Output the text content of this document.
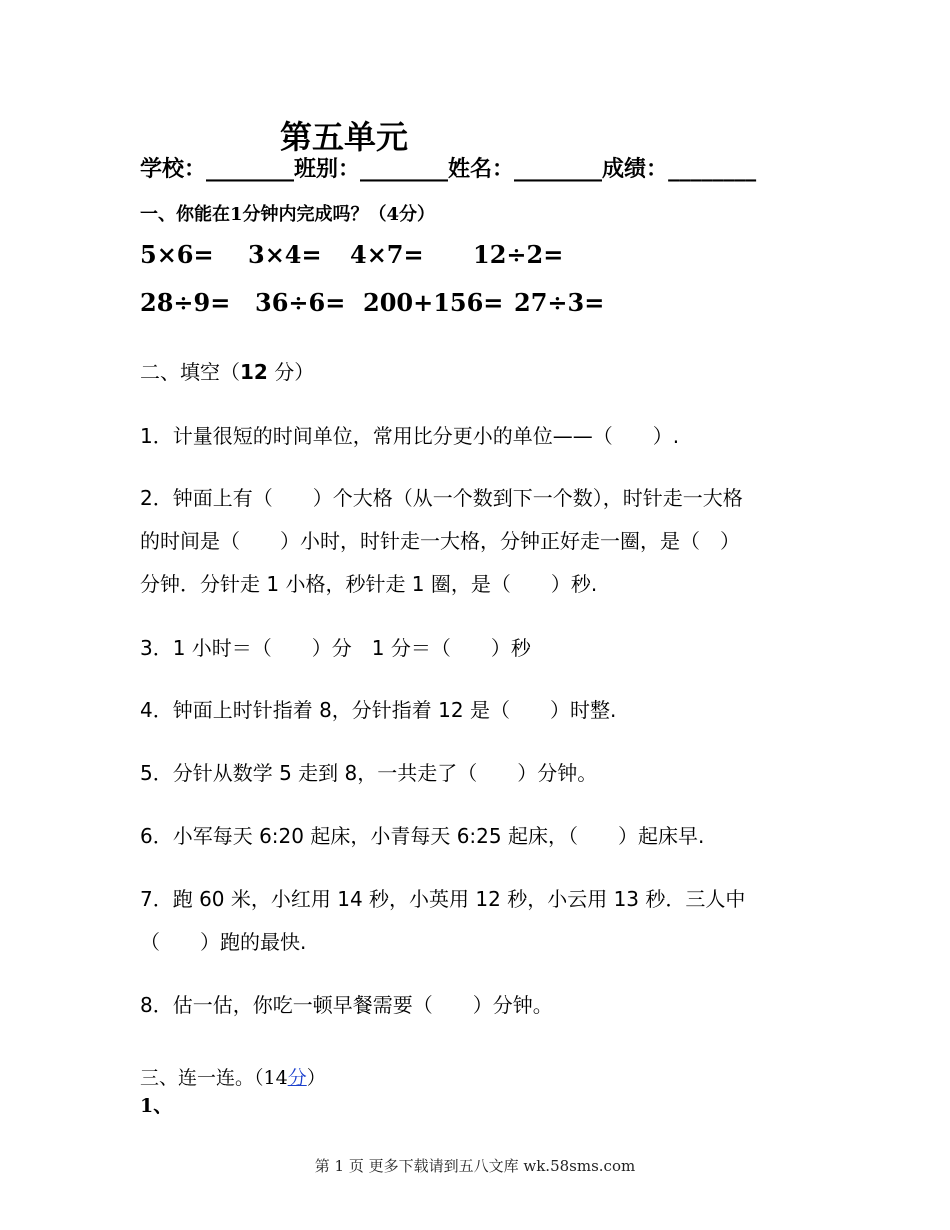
第五单元
学校：________班别：________姓名：________成绩：________
一、你能在1分钟内完成吗？（4分）
5×6= 3×4= 4×7= 12÷2=
28÷9= 36÷6= 200+156= 27÷3=
二、填空（12 分）
1．计量很短的时间单位，常用比分更小的单位——（　　）.
2．钟面上有（　　）个大格（从一个数到下一个数），时针走一大格
的时间是（　　）小时，时针走一大格，分钟正好走一圈，是（　）
分钟．分针走 1 小格，秒针走 1 圈，是（　　）秒.
3．1 小时＝（　　）分　1 分＝（　　）秒
4．钟面上时针指着 8，分针指着 12 是（　　）时整.
5．分针从数学 5 走到 8，一共走了（　　）分钟。
6．小军每天 6:20 起床，小青每天 6:25 起床，（　　）起床早.
7．跑 60 米，小红用 14 秒，小英用 12 秒，小云用 13 秒．三人中
（　　）跑的最快.
8．估一估，你吃一顿早餐需要（　　）分钟。
三、连一连。（14分）
1、
第 1 页 更多下载请到五八文库 wk.58sms.com
